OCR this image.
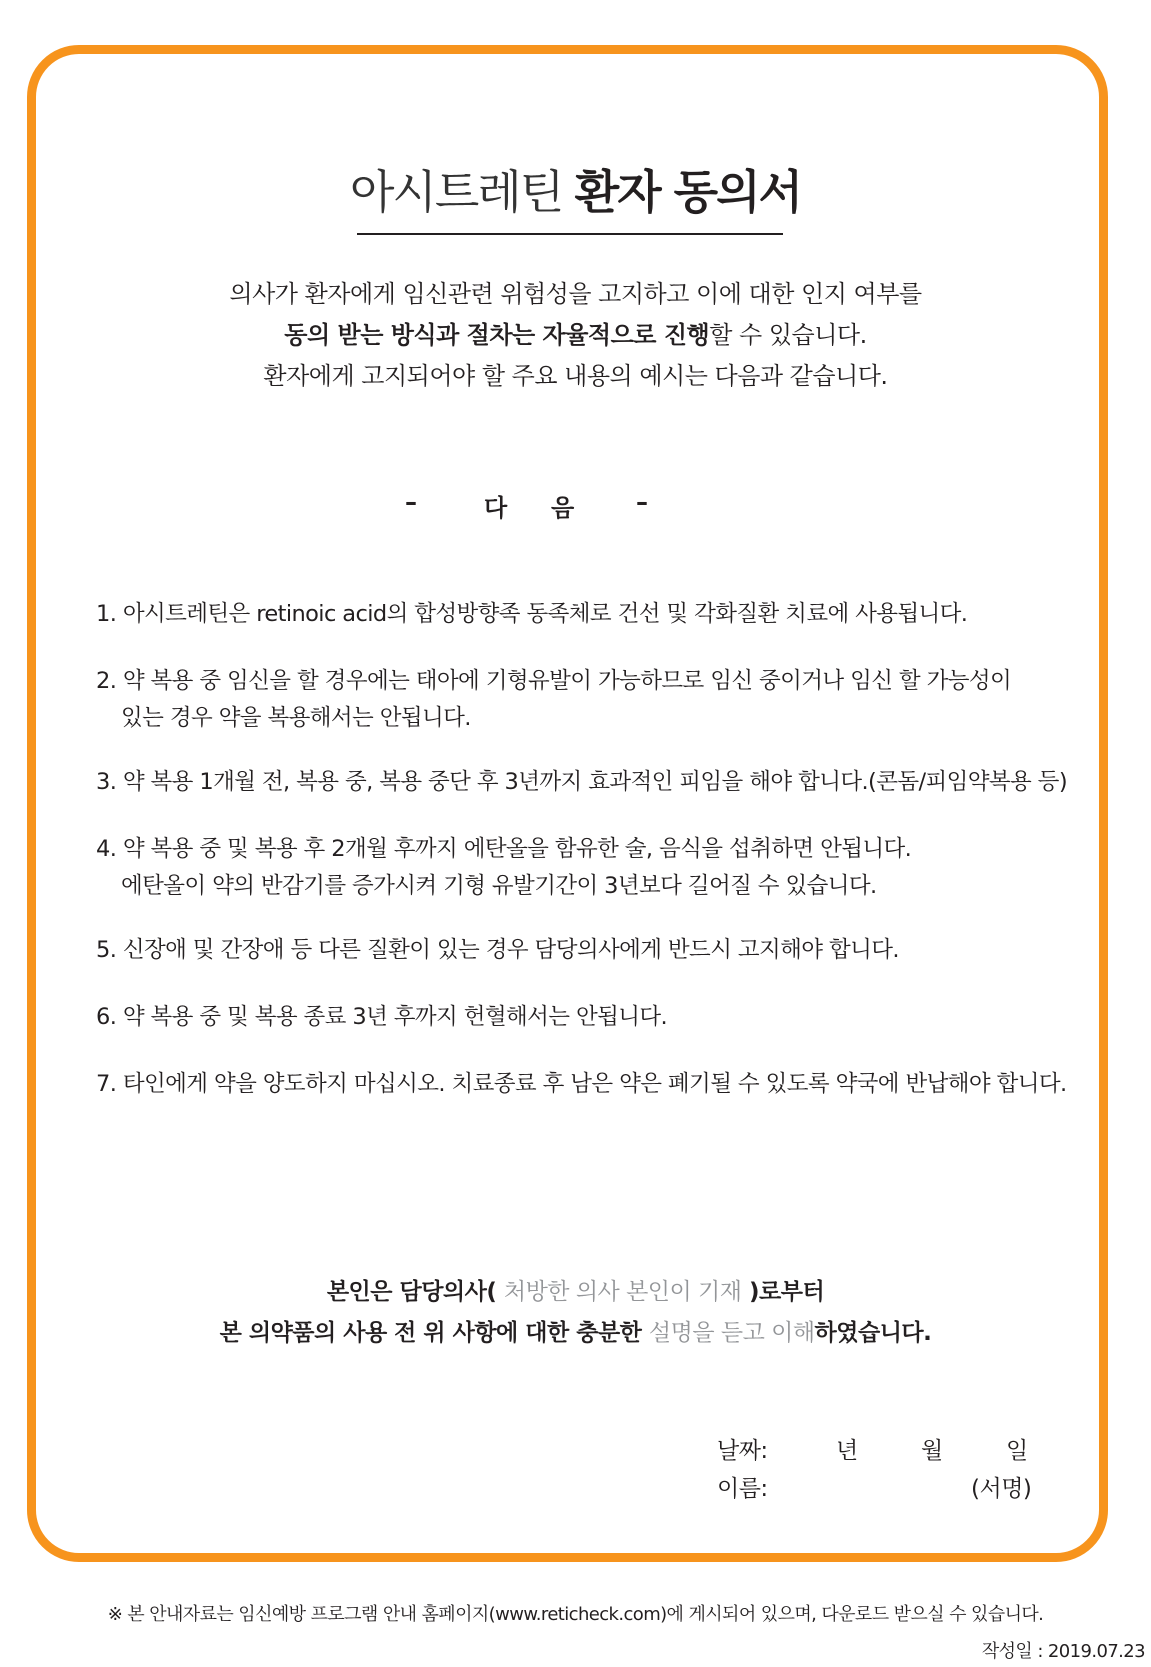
아시트레틴 환자 동의서
의사가 환자에게 임신관련 위험성을 고지하고 이에 대한 인지 여부를
동의 받는 방식과 절차는 자율적으로 진행할 수 있습니다.
환자에게 고지되어야 할 주요 내용의 예시는 다음과 같습니다.
–	다 음	–
1. 아시트레틴은 retinoic acid의 합성방향족 동족체로 건선 및 각화질환 치료에 사용됩니다.
2. 약 복용 중 임신을 할 경우에는 태아에 기형유발이 가능하므로 임신 중이거나 임신 할 가능성이
있는 경우 약을 복용해서는 안됩니다.
3. 약 복용 1개월 전, 복용 중, 복용 중단 후 3년까지 효과적인 피임을 해야 합니다.(콘돔/피임약복용 등)
4. 약 복용 중 및 복용 후 2개월 후까지 에탄올을 함유한 술, 음식을 섭취하면 안됩니다.
에탄올이 약의 반감기를 증가시켜 기형 유발기간이 3년보다 길어질 수 있습니다.
5. 신장애 및 간장애 등 다른 질환이 있는 경우 담당의사에게 반드시 고지해야 합니다.
6. 약 복용 중 및 복용 종료 3년 후까지 헌혈해서는 안됩니다.
7. 타인에게 약을 양도하지 마십시오. 치료종료 후 남은 약은 폐기될 수 있도록 약국에 반납해야 합니다.
본인은 담당의사( 처방한 의사 본인이 기재 )로부터
본 의약품의 사용 전 위 사항에 대한 충분한 설명을 듣고 이해하였습니다.
날짜:	년	월	일
이름:	(서명)
※ 본 안내자료는 임신예방 프로그램 안내 홈페이지(www.reticheck.com)에 게시되어 있으며, 다운로드 받으실 수 있습니다.
작성일 : 2019.07.23
